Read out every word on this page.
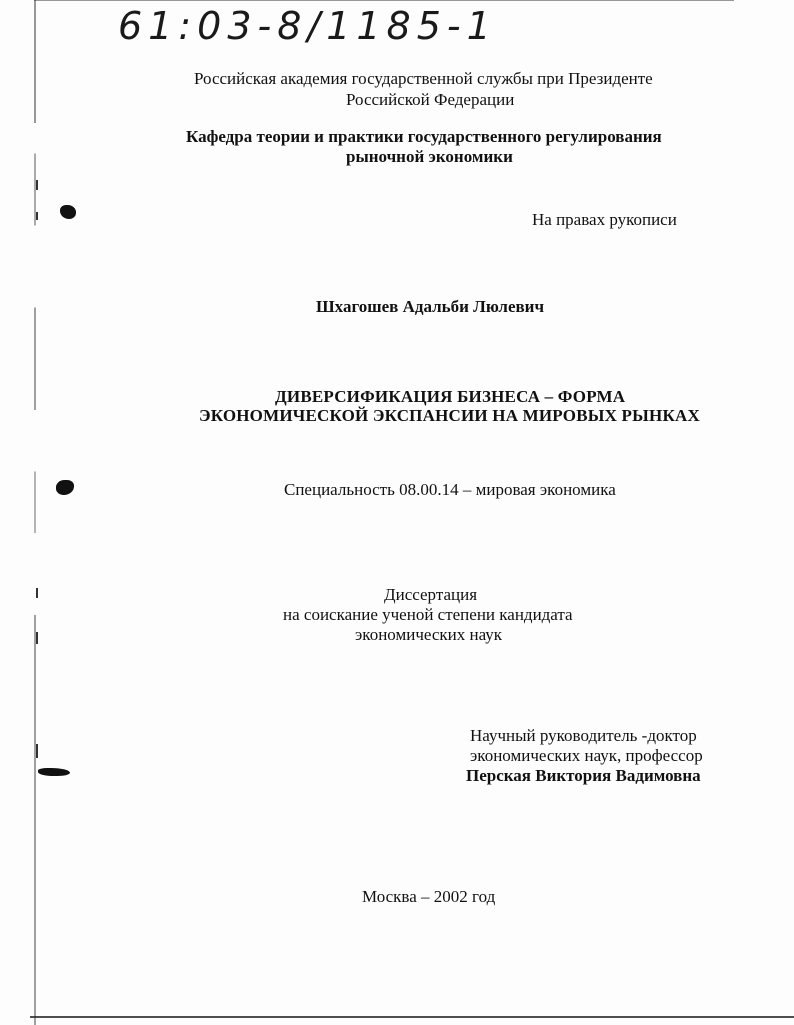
61:03-8/1185-1
Российская академия государственной службы при Президенте
Российской Федерации
Кафедра теории и практики государственного регулирования
рыночной экономики
На правах рукописи
Шхагошев Адальби Люлевич
ДИВЕРСИФИКАЦИЯ БИЗНЕСА – ФОРМА
ЭКОНОМИЧЕСКОЙ ЭКСПАНСИИ НА МИРОВЫХ РЫНКАХ
Специальность 08.00.14 – мировая экономика
Диссертация
на соискание ученой степени кандидата
экономических наук
Научный руководитель -доктор
экономических наук, профессор
Перская Виктория Вадимовна
Москва – 2002 год
